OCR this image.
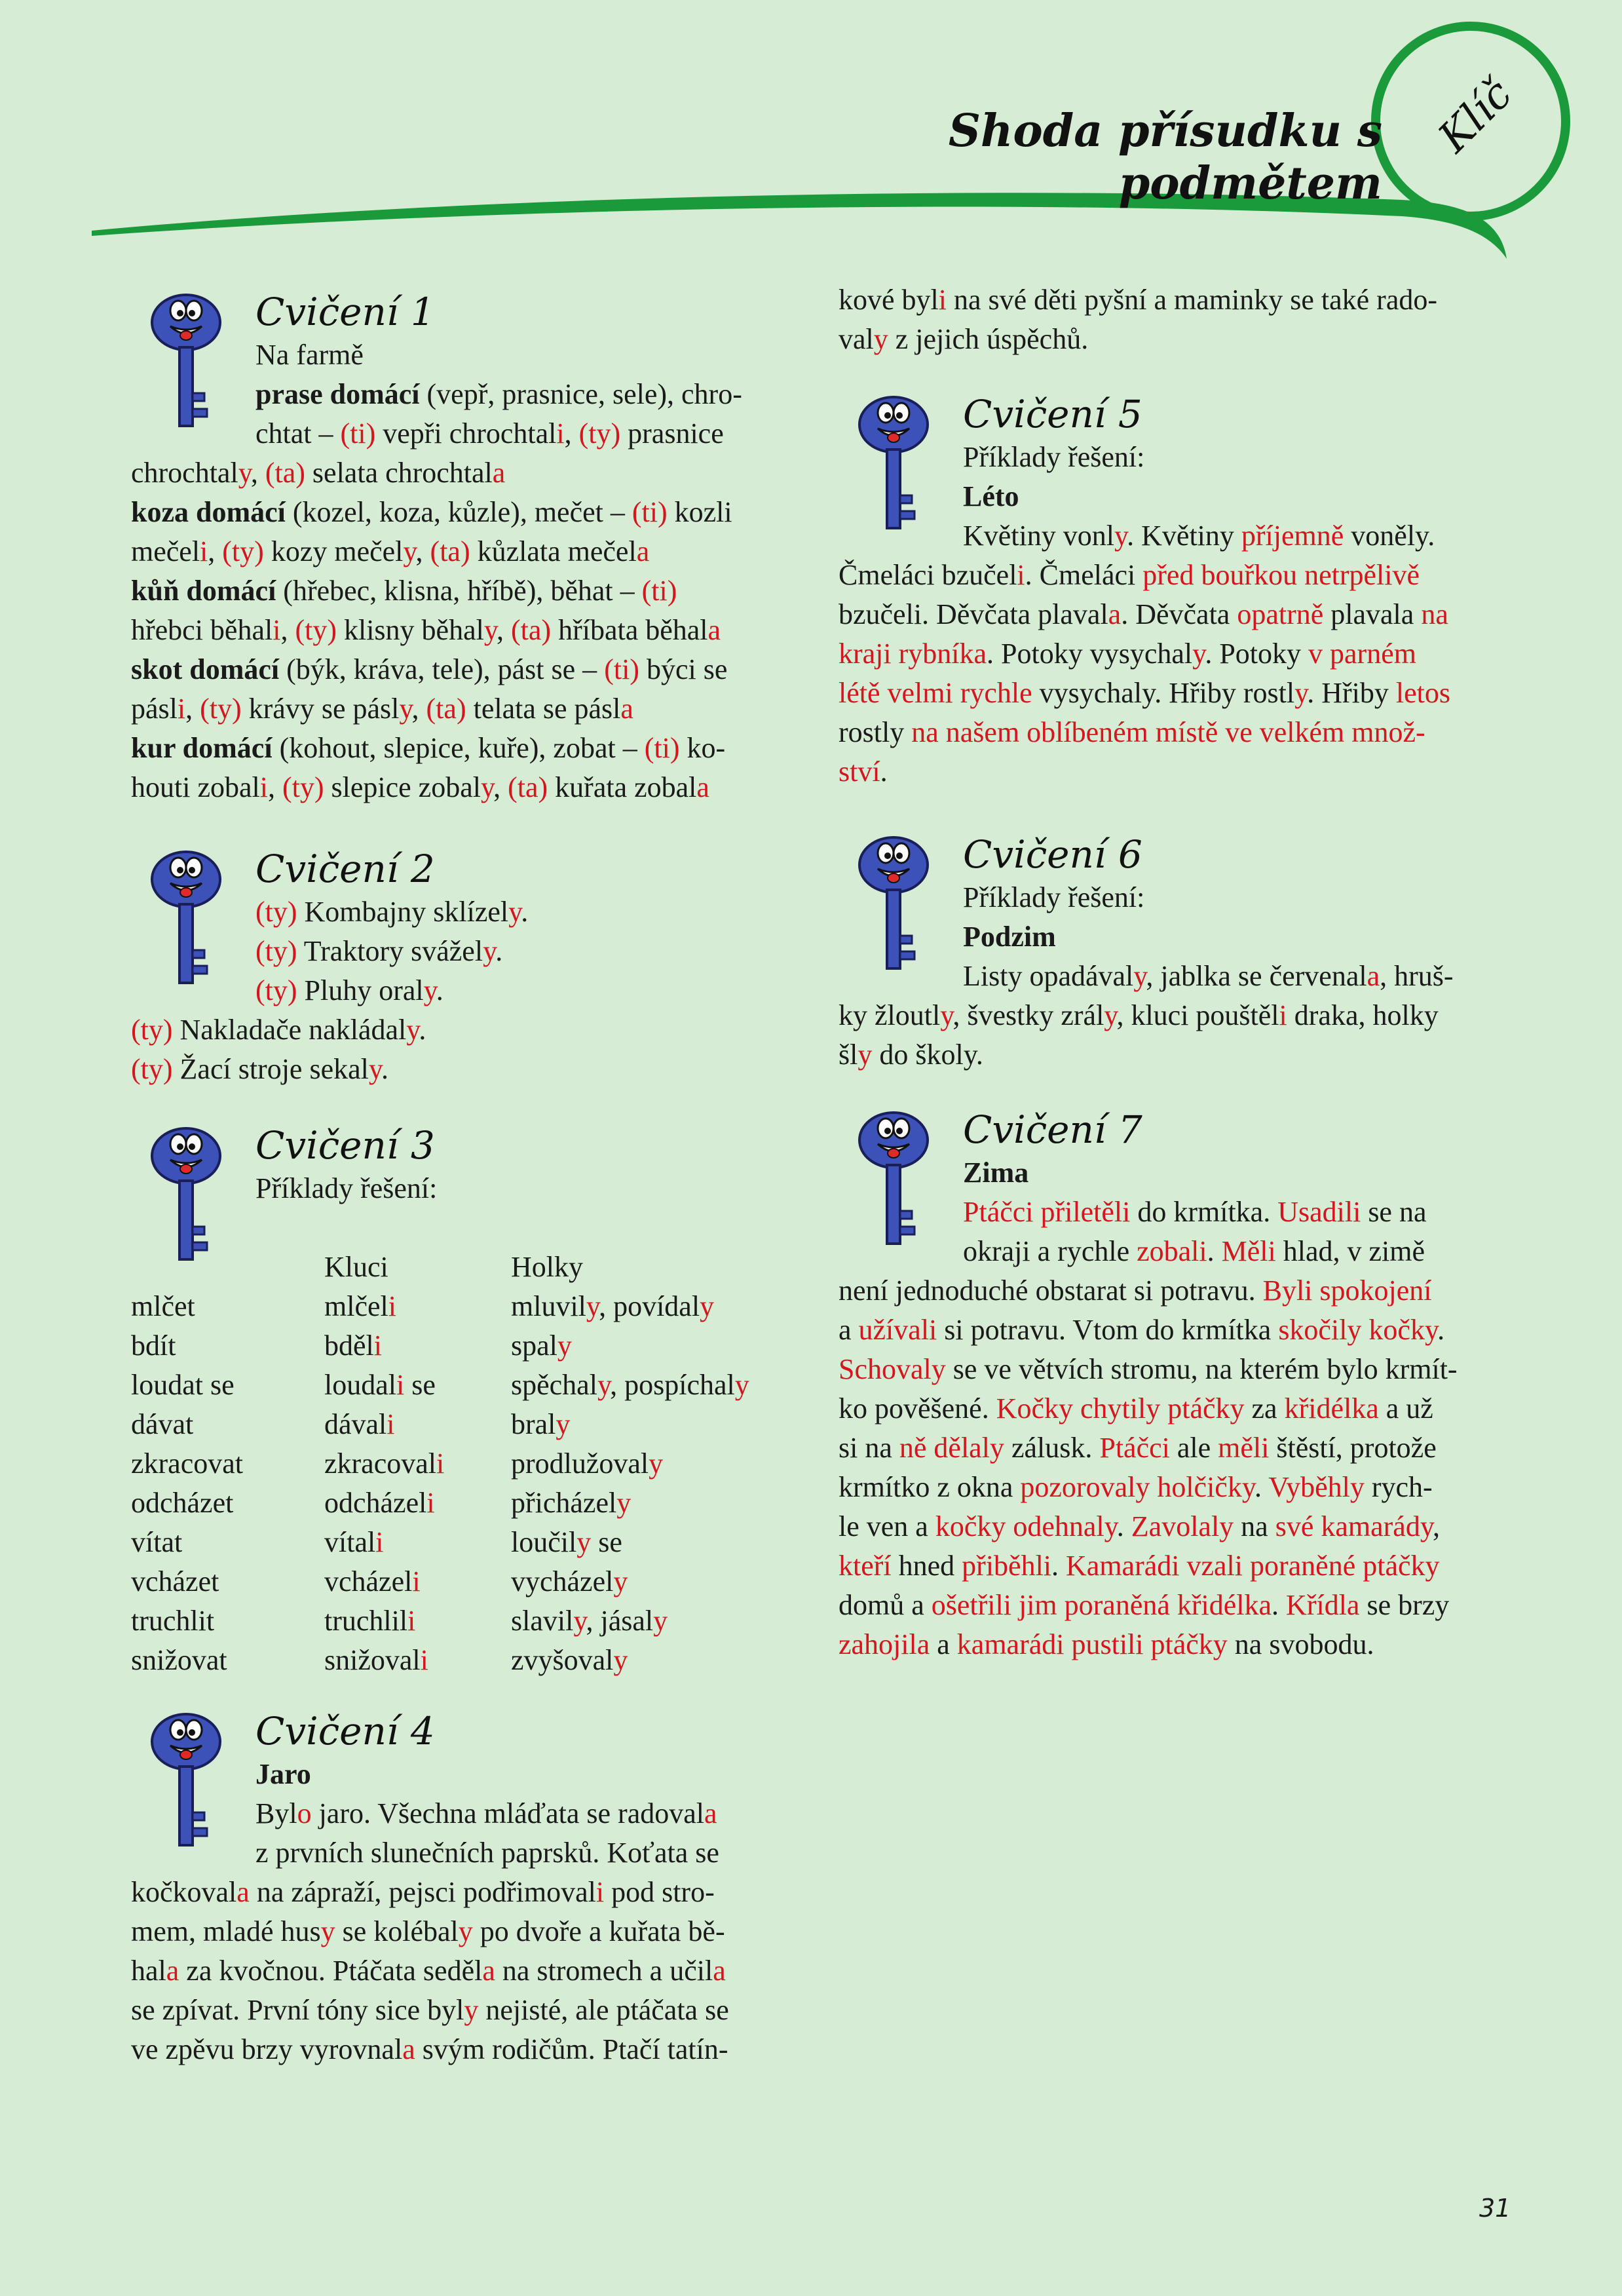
Shoda přísudku s podmětem
Klíč
Cvičení 1

Na farmě

prase domácí (vepř, prasnice, sele), chro-

chtat – (ti) vepři chrochtali, (ty) prasnice

chrochtaly, (ta) selata chrochtala

koza domácí (kozel, koza, kůzle), mečet – (ti) kozli

mečeli, (ty) kozy mečely, (ta) kůzlata mečela

kůň domácí (hřebec, klisna, hříbě), běhat – (ti)

hřebci běhali, (ty) klisny běhaly, (ta) hříbata běhala

skot domácí (býk, kráva, tele), pást se – (ti) býci se

pásli, (ty) krávy se pásly, (ta) telata se pásla

kur domácí (kohout, slepice, kuře), zobat – (ti) ko-

houti zobali, (ty) slepice zobaly, (ta) kuřata zobala

Cvičení 2

(ty) Kombajny sklízely.

(ty) Traktory svážely.

(ty) Pluhy oraly.

(ty) Nakladače nakládaly.

(ty) Žací stroje sekaly.

Cvičení 3

Příklady řešení:

	Kluci	Holky
mlčet	mlčeli	mluvily, povídaly
bdít	bděli	spaly
loudat se	loudali se	spěchaly, pospíchaly
dávat	dávali	braly
zkracovat	zkracovali	prodlužovaly
odcházet	odcházeli	přicházely
vítat	vítali	loučily se
vcházet	vcházeli	vycházely
truchlit	truchlili	slavily, jásaly
snižovat	snižovali	zvyšovaly
Cvičení 4

Jaro

Bylo jaro. Všechna mláďata se radovala

z prvních slunečních paprsků. Koťata se

kočkovala na zápraží, pejsci podřimovali pod stro-

mem, mladé husy se kolébaly po dvoře a kuřata bě-

hala za kvočnou. Ptáčata seděla na stromech a učila

se zpívat. První tóny sice byly nejisté, ale ptáčata se

ve zpěvu brzy vyrovnala svým rodičům. Ptačí tatín-

kové byli na své děti pyšní a maminky se také rado-

valy z jejich úspěchů.

Cvičení 5

Příklady řešení:

Léto

Květiny vonly. Květiny příjemně voněly.

Čmeláci bzučeli. Čmeláci před bouřkou netrpělivě

bzučeli. Děvčata plavala. Děvčata opatrně plavala na

kraji rybníka. Potoky vysychaly. Potoky v parném

létě velmi rychle vysychaly. Hřiby rostly. Hřiby letos

rostly na našem oblíbeném místě ve velkém množ-

ství.

Cvičení 6

Příklady řešení:

Podzim

Listy opadávaly, jablka se červenala, hruš-

ky žloutly, švestky zrály, kluci pouštěli draka, holky

šly do školy.

Cvičení 7

Zima

Ptáčci přiletěli do krmítka. Usadili se na

okraji a rychle zobali. Měli hlad, v zimě

není jednoduché obstarat si potravu. Byli spokojení

a užívali si potravu. Vtom do krmítka skočily kočky.

Schovaly se ve větvích stromu, na kterém bylo krmít-

ko pověšené. Kočky chytily ptáčky za křidélka a už

si na ně dělaly zálusk. Ptáčci ale měli štěstí, protože

krmítko z okna pozorovaly holčičky. Vyběhly rych-

le ven a kočky odehnaly. Zavolaly na své kamarády,

kteří hned přiběhli. Kamarádi vzali poraněné ptáčky

domů a ošetřili jim poraněná křidélka. Křídla se brzy

zahojila a kamarádi pustili ptáčky na svobodu.

31
